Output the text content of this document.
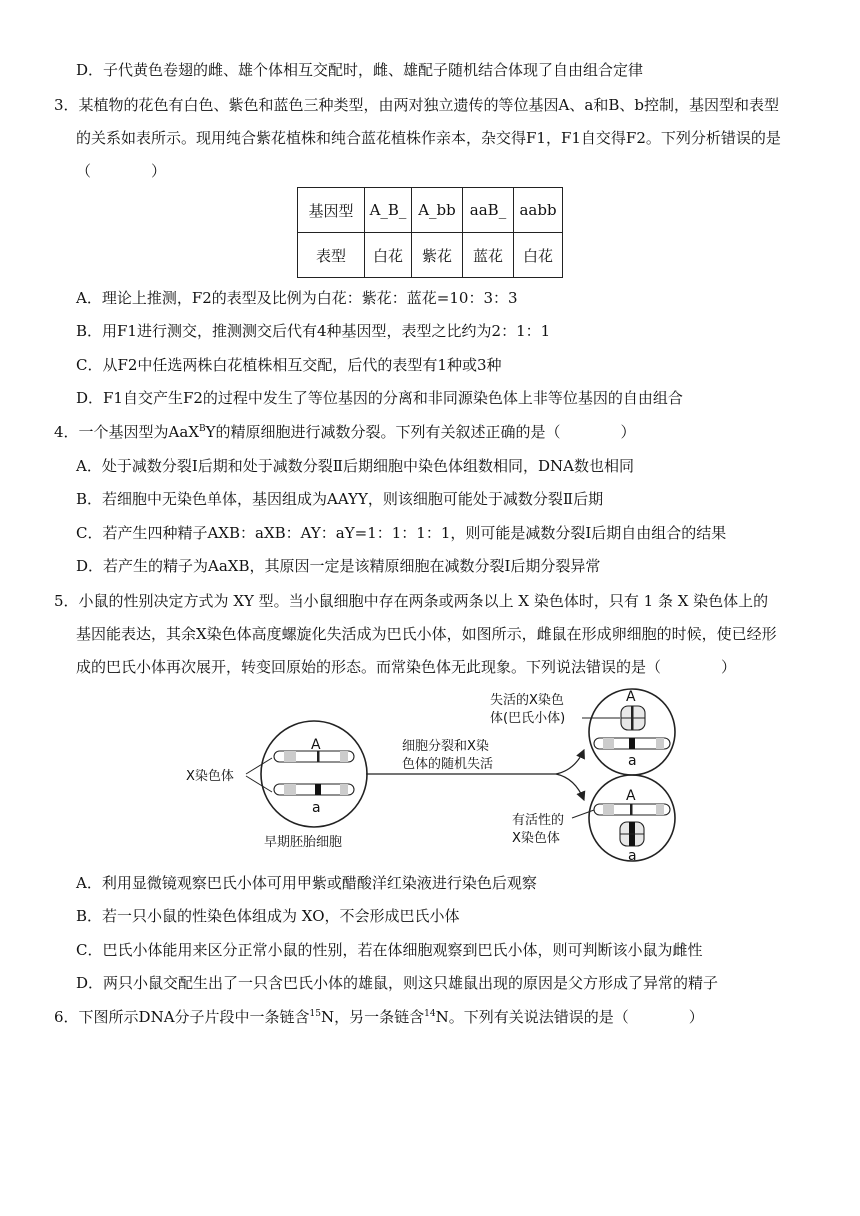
D．子代黄色卷翅的雌、雄个体相互交配时，雌、雄配子随机结合体现了自由组合定律
3．某植物的花色有白色、紫色和蓝色三种类型，由两对独立遗传的等位基因A、a和B、b控制，基因型和表型
的关系如表所示。现用纯合紫花植株和纯合蓝花植株作亲本，杂交得F1，F1自交得F2。下列分析错误的是
（　　　　）
基因型	A_B_	A_bb	aaB_	aabb
表型	白花	紫花	蓝花	白花
A．理论上推测，F2的表型及比例为白花：紫花：蓝花=10：3：3
B．用F1进行测交，推测测交后代有4种基因型，表型之比约为2：1：1
C．从F2中任选两株白花植株相互交配，后代的表型有1种或3种
D．F1自交产生F2的过程中发生了等位基因的分离和非同源染色体上非等位基因的自由组合
4．一个基因型为AaX$^B$Y的精原细胞进行减数分裂。下列有关叙述正确的是（　　　　）
A．处于减数分裂Ⅰ后期和处于减数分裂Ⅱ后期细胞中染色体组数相同，DNA数也相同
B．若细胞中无染色单体，基因组成为AAYY，则该细胞可能处于减数分裂Ⅱ后期
C．若产生四种精子AXB：aXB：AY：aY=1：1：1：1，则可能是减数分裂Ⅰ后期自由组合的结果
D．若产生的精子为AaXB，其原因一定是该精原细胞在减数分裂Ⅰ后期分裂异常
5．小鼠的性别决定方式为 XY 型。当小鼠细胞中存在两条或两条以上 X 染色体时，只有 1 条 X 染色体上的
基因能表达，其余X染色体高度螺旋化失活成为巴氏小体，如图所示，雌鼠在形成卵细胞的时候，使已经形
成的巴氏小体再次展开，转变回原始的形态。而常染色体无此现象。下列说法错误的是（　　　　）
X染色体
A
a
早期胚胎细胞
细胞分裂和X染
色体的随机失活
失活的X染色
体(巴氏小体)
A
a
有活性的
X染色体
A
a
A．利用显微镜观察巴氏小体可用甲紫或醋酸洋红染液进行染色后观察
B．若一只小鼠的性染色体组成为 XO，不会形成巴氏小体
C．巴氏小体能用来区分正常小鼠的性别，若在体细胞观察到巴氏小体，则可判断该小鼠为雌性
D．两只小鼠交配生出了一只含巴氏小体的雄鼠，则这只雄鼠出现的原因是父方形成了异常的精子
6．下图所示DNA分子片段中一条链含$^{15}$N，另一条链含$^{14}$N。下列有关说法错误的是（　　　　）
